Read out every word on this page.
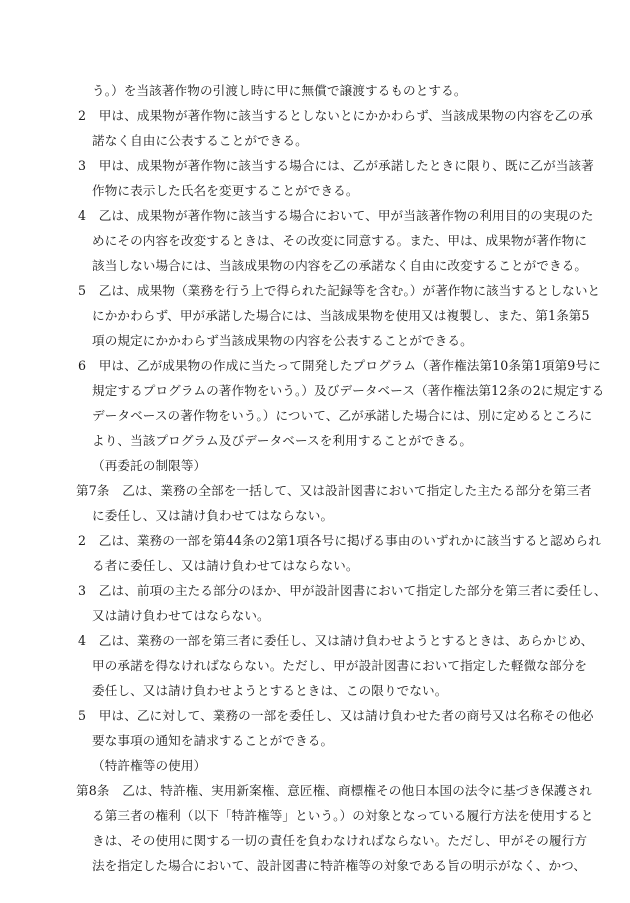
う。）を当該著作物の引渡し時に甲に無償で譲渡するものとする。
2　甲は、成果物が著作物に該当するとしないとにかかわらず、当該成果物の内容を乙の承
諾なく自由に公表することができる。
3　甲は、成果物が著作物に該当する場合には、乙が承諾したときに限り、既に乙が当該著
作物に表示した氏名を変更することができる。
4　乙は、成果物が著作物に該当する場合において、甲が当該著作物の利用目的の実現のた
めにその内容を改変するときは、その改変に同意する。また、甲は、成果物が著作物に
該当しない場合には、当該成果物の内容を乙の承諾なく自由に改変することができる。
5　乙は、成果物（業務を行う上で得られた記録等を含む。）が著作物に該当するとしないと
にかかわらず、甲が承諾した場合には、当該成果物を使用又は複製し、また、第1条第5
項の規定にかかわらず当該成果物の内容を公表することができる。
6　甲は、乙が成果物の作成に当たって開発したプログラム（著作権法第10条第1項第9号に
規定するプログラムの著作物をいう。）及びデータベース（著作権法第12条の2に規定する
データベースの著作物をいう。）について、乙が承諾した場合には、別に定めるところに
より、当該プログラム及びデータベースを利用することができる。
（再委託の制限等）
第7条　乙は、業務の全部を一括して、又は設計図書において指定した主たる部分を第三者
に委任し、又は請け負わせてはならない。
2　乙は、業務の一部を第44条の2第1項各号に掲げる事由のいずれかに該当すると認められ
る者に委任し、又は請け負わせてはならない。
3　乙は、前項の主たる部分のほか、甲が設計図書において指定した部分を第三者に委任し、
又は請け負わせてはならない。
4　乙は、業務の一部を第三者に委任し、又は請け負わせようとするときは、あらかじめ、
甲の承諾を得なければならない。ただし、甲が設計図書において指定した軽微な部分を
委任し、又は請け負わせようとするときは、この限りでない。
5　甲は、乙に対して、業務の一部を委任し、又は請け負わせた者の商号又は名称その他必
要な事項の通知を請求することができる。
（特許権等の使用）
第8条　乙は、特許権、実用新案権、意匠権、商標権その他日本国の法令に基づき保護され
る第三者の権利（以下「特許権等」という。）の対象となっている履行方法を使用すると
きは、その使用に関する一切の責任を負わなければならない。ただし、甲がその履行方
法を指定した場合において、設計図書に特許権等の対象である旨の明示がなく、かつ、
